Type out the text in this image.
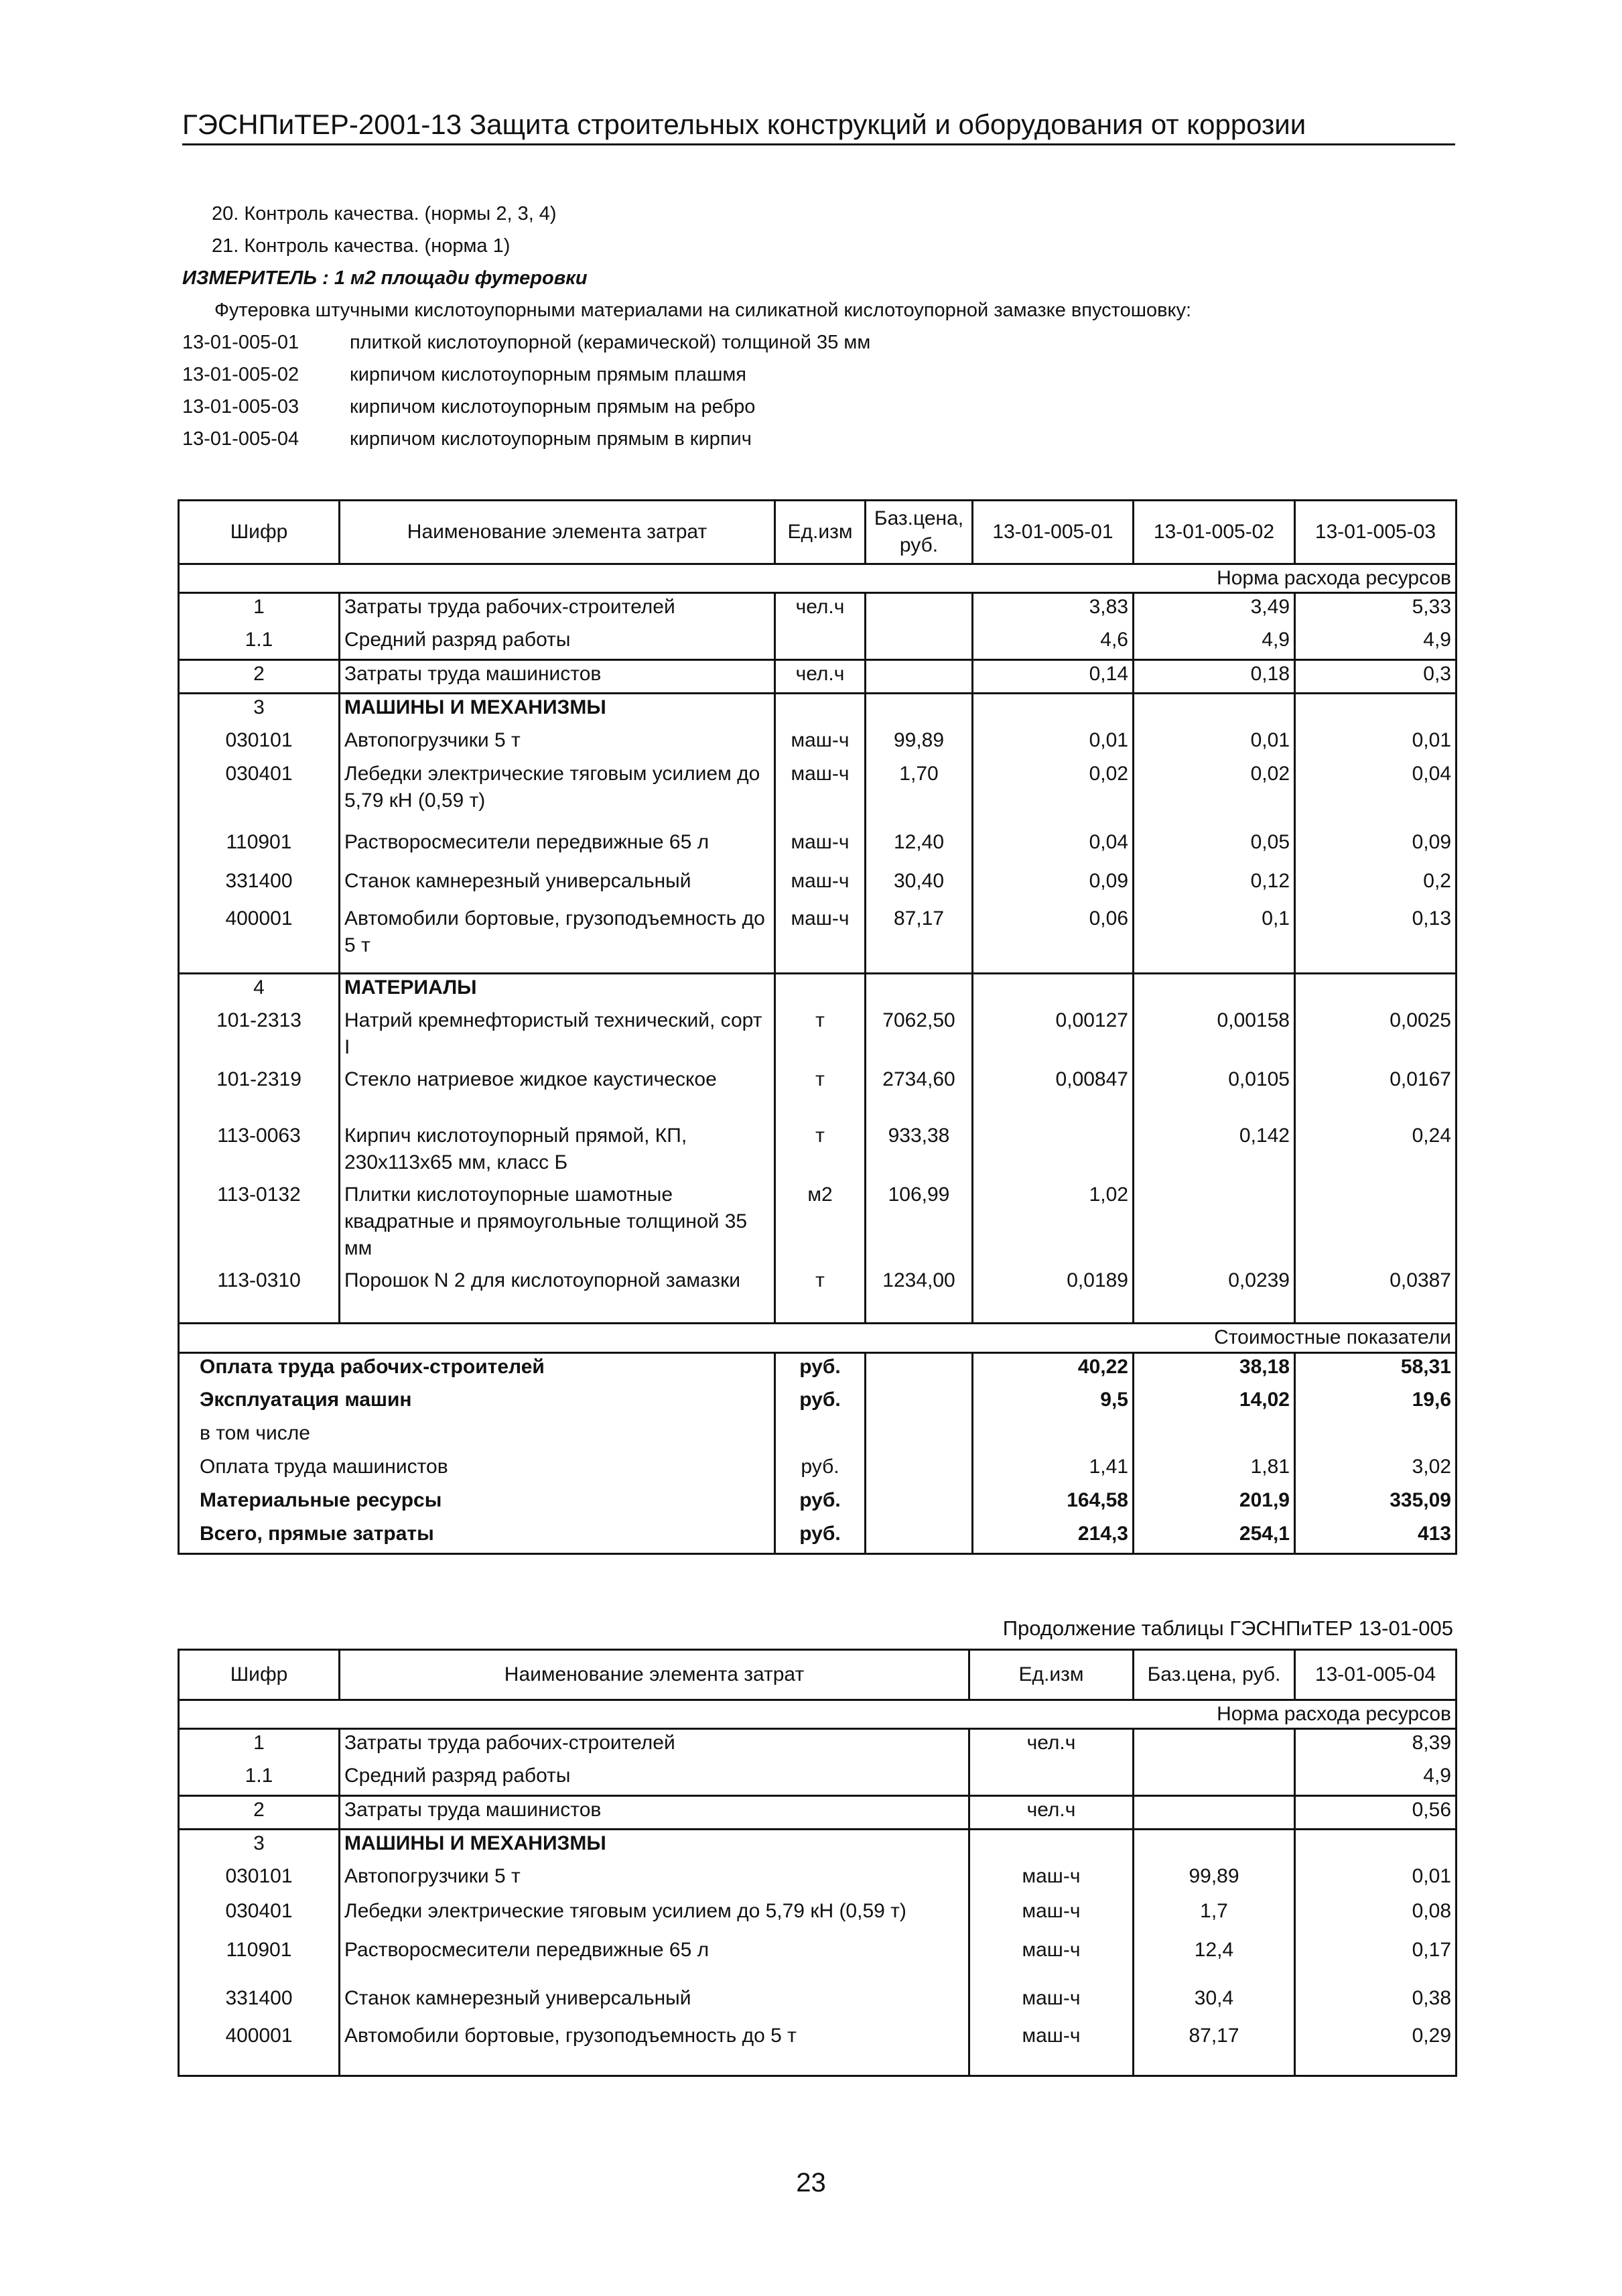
ГЭСНПиТЕР-2001-13 Защита строительных конструкций и оборудования от коррозии
20. Контроль качества. (нормы 2, 3, 4)
21. Контроль качества. (норма 1)
ИЗМЕРИТЕЛЬ : 1 м2 площади футеровки
Футеровка штучными кислотоупорными материалами на силикатной кислотоупорной замазке впустошовку:
13-01-005-01	плиткой кислотоупорной (керамической) толщиной 35 мм
13-01-005-02	кирпичом кислотоупорным прямым плашмя
13-01-005-03	кирпичом кислотоупорным прямым на ребро
13-01-005-04	кирпичом кислотоупорным прямым в кирпич
Шифр	Наименование элемента затрат	Ед.изм	Баз.цена, руб.	13-01-005-01	13-01-005-02	13-01-005-03
Норма расхода ресурсов						
1	Затраты труда рабочих-строителей	чел.ч		3,83	3,49	5,33
1.1	Средний разряд работы			4,6	4,9	4,9
2	Затраты труда машинистов	чел.ч		0,14	0,18	0,3
3	МАШИНЫ И МЕХАНИЗМЫ					
030101	Автопогрузчики 5 т	маш-ч	99,89	0,01	0,01	0,01
030401	Лебедки электрические тяговым усилием до 5,79 кН (0,59 т)	маш-ч	1,70	0,02	0,02	0,04
110901	Растворосмесители передвижные 65 л	маш-ч	12,40	0,04	0,05	0,09
331400	Станок камнерезный универсальный	маш-ч	30,40	0,09	0,12	0,2
400001	Автомобили бортовые, грузоподъемность до 5 т	маш-ч	87,17	0,06	0,1	0,13
4	МАТЕРИАЛЫ					
101-2313	Натрий кремнефтористый технический, сорт I	т	7062,50	0,00127	0,00158	0,0025
101-2319	Стекло натриевое жидкое каустическое	т	2734,60	0,00847	0,0105	0,0167
113-0063	Кирпич кислотоупорный прямой, КП, 230x113x65 мм, класс Б	т	933,38		0,142	0,24
113-0132	Плитки кислотоупорные шамотные квадратные и прямоугольные толщиной 35 мм	м2	106,99	1,02		
113-0310	Порошок N 2 для кислотоупорной замазки	т	1234,00	0,0189	0,0239	0,0387
Стоимостные показатели						
Оплата труда рабочих-строителей		руб.		40,22	38,18	58,31
Эксплуатация машин		руб.		9,5	14,02	19,6
в том числе						
Оплата труда машинистов		руб.		1,41	1,81	3,02
Материальные ресурсы		руб.		164,58	201,9	335,09
Всего, прямые затраты		руб.		214,3	254,1	413
Продолжение таблицы ГЭСНПиТЕР 13-01-005
Шифр	Наименование элемента затрат	Ед.изм	Баз.цена, руб.	13-01-005-04
Норма расхода ресурсов				
1	Затраты труда рабочих-строителей	чел.ч		8,39
1.1	Средний разряд работы			4,9
2	Затраты труда машинистов	чел.ч		0,56
3	МАШИНЫ И МЕХАНИЗМЫ			
030101	Автопогрузчики 5 т	маш-ч	99,89	0,01
030401	Лебедки электрические тяговым усилием до 5,79 кН (0,59 т)	маш-ч	1,7	0,08
110901	Растворосмесители передвижные 65 л	маш-ч	12,4	0,17
331400	Станок камнерезный универсальный	маш-ч	30,4	0,38
400001	Автомобили бортовые, грузоподъемность до 5 т	маш-ч	87,17	0,29
23
